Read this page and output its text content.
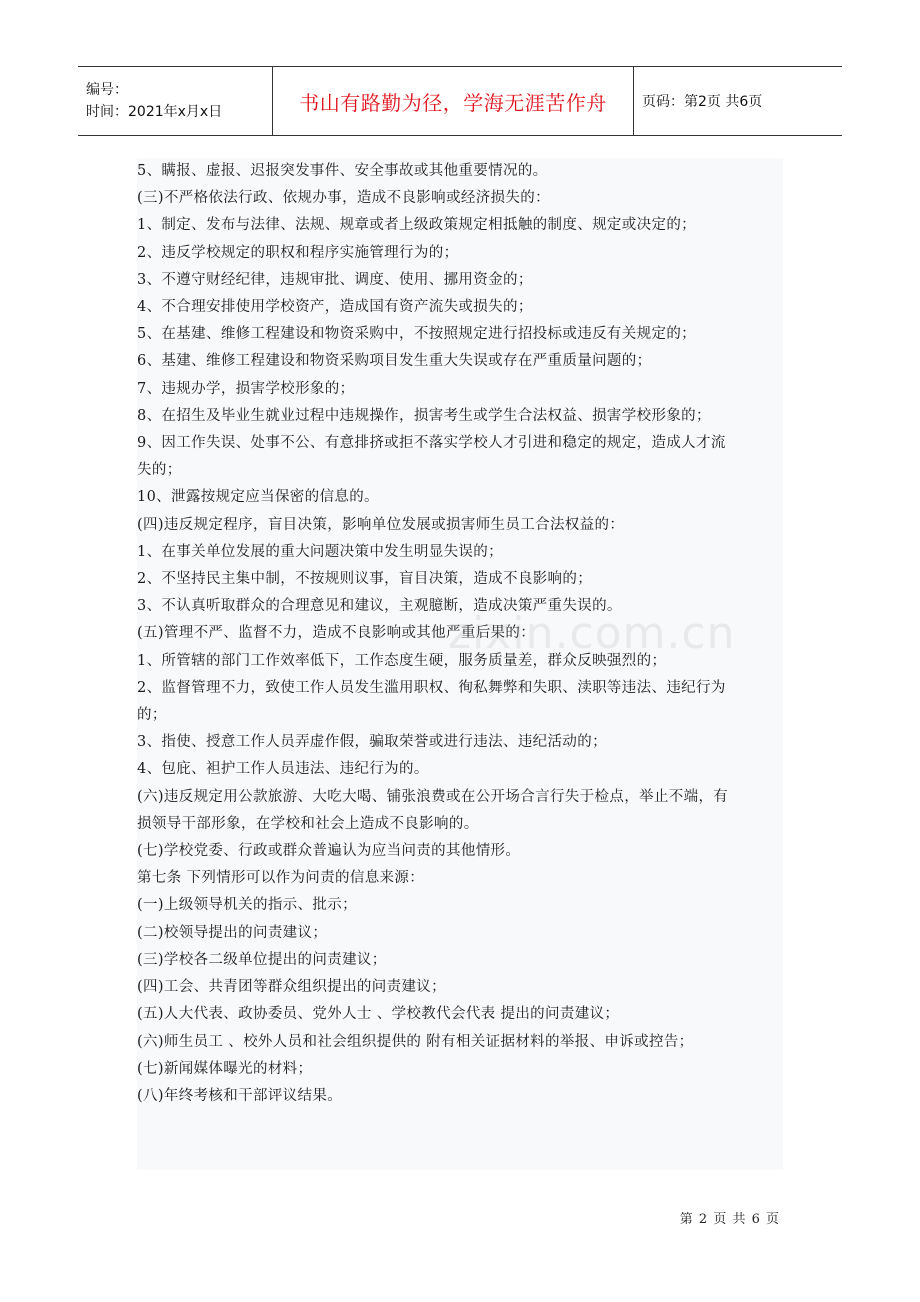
编号：
时间：2021年x月x日	书山有路勤为径，学海无涯苦作舟	页码：第2页 共6页
5、瞒报、虚报、迟报突发事件、安全事故或其他重要情况的。
(三)不严格依法行政、依规办事，造成不良影响或经济损失的：
1、制定、发布与法律、法规、规章或者上级政策规定相抵触的制度、规定或决定的；
2、违反学校规定的职权和程序实施管理行为的；
3、不遵守财经纪律，违规审批、调度、使用、挪用资金的；
4、不合理安排使用学校资产，造成国有资产流失或损失的；
5、在基建、维修工程建设和物资采购中，不按照规定进行招投标或违反有关规定的；
6、基建、维修工程建设和物资采购项目发生重大失误或存在严重质量问题的；
7、违规办学，损害学校形象的；
8、在招生及毕业生就业过程中违规操作，损害考生或学生合法权益、损害学校形象的；
9、因工作失误、处事不公、有意排挤或拒不落实学校人才引进和稳定的规定，造成人才流
失的；
10、泄露按规定应当保密的信息的。
(四)违反规定程序，盲目决策，影响单位发展或损害师生员工合法权益的：
1、在事关单位发展的重大问题决策中发生明显失误的；
2、不坚持民主集中制，不按规则议事，盲目决策，造成不良影响的；
3、不认真听取群众的合理意见和建议，主观臆断，造成决策严重失误的。
(五)管理不严、监督不力，造成不良影响或其他严重后果的：
1、所管辖的部门工作效率低下，工作态度生硬，服务质量差，群众反映强烈的；
2、监督管理不力，致使工作人员发生滥用职权、徇私舞弊和失职、渎职等违法、违纪行为
的；
3、指使、授意工作人员弄虚作假，骗取荣誉或进行违法、违纪活动的；
4、包庇、袒护工作人员违法、违纪行为的。
(六)违反规定用公款旅游、大吃大喝、铺张浪费或在公开场合言行失于检点，举止不端，有
损领导干部形象，在学校和社会上造成不良影响的。
(七)学校党委、行政或群众普遍认为应当问责的其他情形。
第七条 下列情形可以作为问责的信息来源：
(一)上级领导机关的指示、批示；
(二)校领导提出的问责建议；
(三)学校各二级单位提出的问责建议；
(四)工会、共青团等群众组织提出的问责建议；
(五)人大代表、政协委员、党外人士 、学校教代会代表 提出的问责建议；
(六)师生员工 、校外人员和社会组织提供的 附有相关证据材料的举报、申诉或控告；
(七)新闻媒体曝光的材料；
(八)年终考核和干部评议结果。
zixin.com.cn
第 2 页 共 6 页
